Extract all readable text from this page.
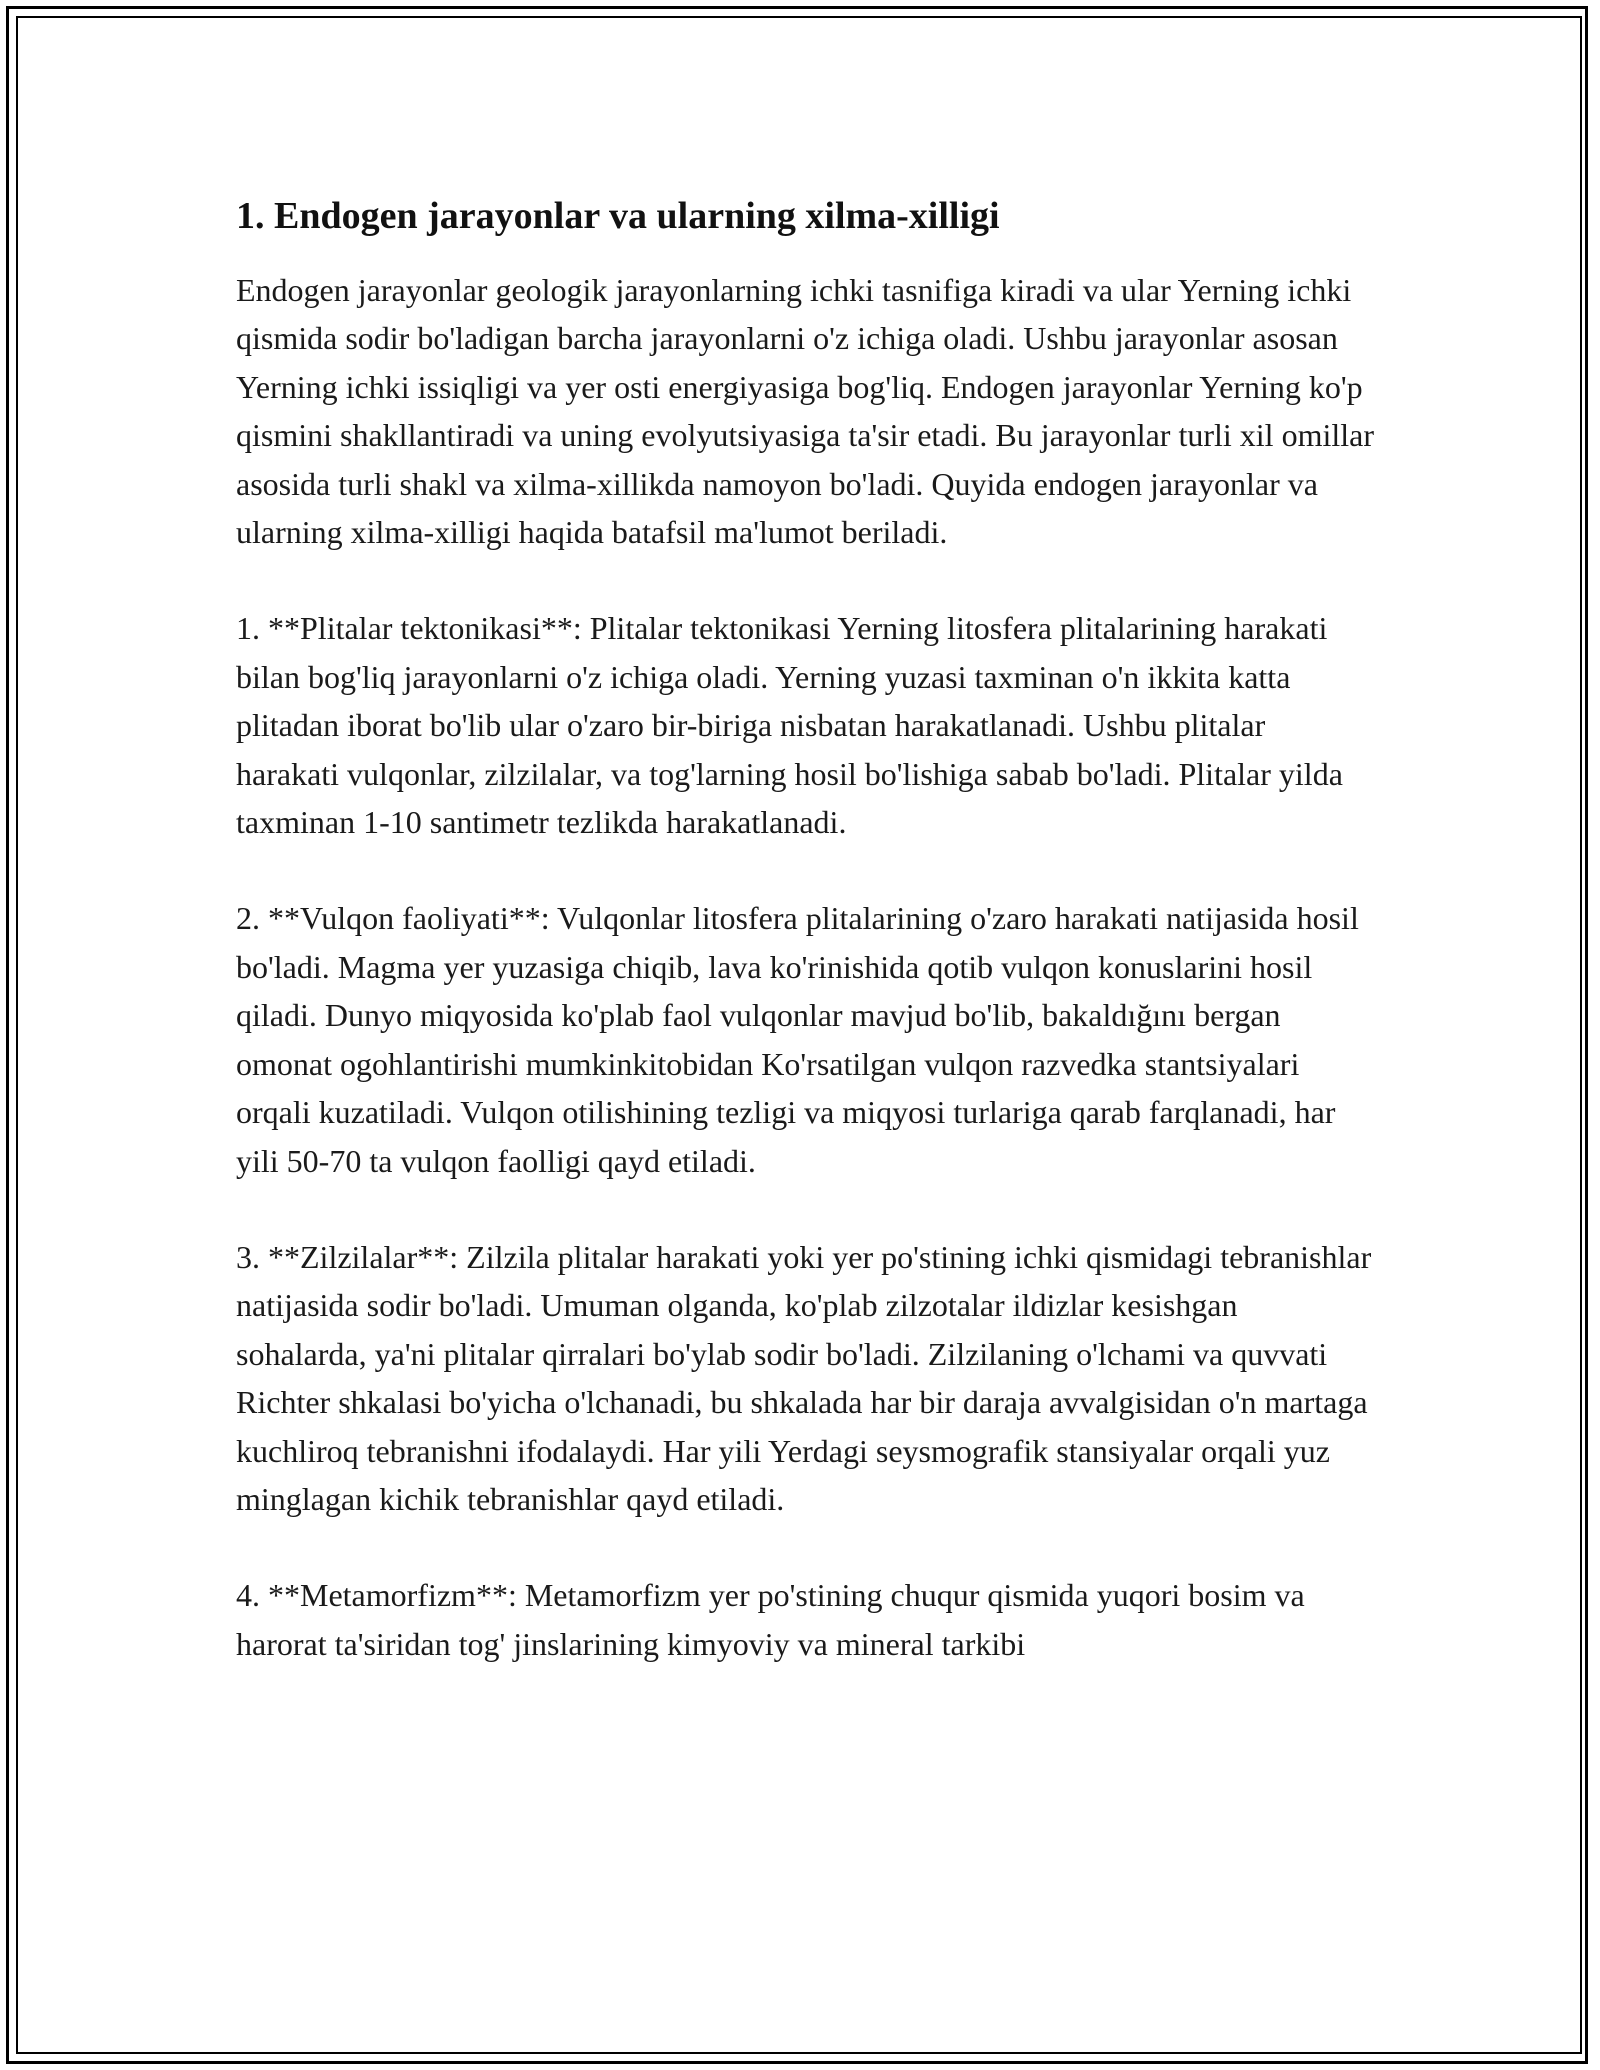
1. Endogen jarayonlar va ularning xilma-xilligi

Endogen jarayonlar geologik jarayonlarning ichki tasnifiga kiradi va ular Yerning ichki qismida sodir bo'ladigan barcha jarayonlarni o'z ichiga oladi. Ushbu jarayonlar asosan Yerning ichki issiqligi va yer osti energiyasiga bog'liq. Endogen jarayonlar Yerning ko'p qismini shakllantiradi va uning evolyutsiyasiga ta'sir etadi. Bu jarayonlar turli xil omillar asosida turli shakl va xilma-xillikda namoyon bo'ladi. Quyida endogen jarayonlar va ularning xilma-xilligi haqida batafsil ma'lumot beriladi.

1. **Plitalar tektonikasi**: Plitalar tektonikasi Yerning litosfera plitalarining harakati bilan bog'liq jarayonlarni o'z ichiga oladi. Yerning yuzasi taxminan o'n ikkita katta plitadan iborat bo'lib ular o'zaro bir-biriga nisbatan harakatlanadi. Ushbu plitalar harakati vulqonlar, zilzilalar, va tog'larning hosil bo'lishiga sabab bo'ladi. Plitalar yilda taxminan 1-10 santimetr tezlikda harakatlanadi.

2. **Vulqon faoliyati**: Vulqonlar litosfera plitalarining o'zaro harakati natijasida hosil bo'ladi. Magma yer yuzasiga chiqib, lava ko'rinishida qotib vulqon konuslarini hosil qiladi. Dunyo miqyosida ko'plab faol vulqonlar mavjud bo'lib, bakaldığını bergan omonat ogohlantirishi mumkinkitobidan Ko'rsatilgan vulqon razvedka stantsiyalari orqali kuzatiladi. Vulqon otilishining tezligi va miqyosi turlariga qarab farqlanadi, har yili 50-70 ta vulqon faolligi qayd etiladi.

3. **Zilzilalar**: Zilzila plitalar harakati yoki yer po'stining ichki qismidagi tebranishlar natijasida sodir bo'ladi. Umuman olganda, ko'plab zilzotalar ildizlar kesishgan sohalarda, ya'ni plitalar qirralari bo'ylab sodir bo'ladi. Zilzilaning o'lchami va quvvati Richter shkalasi bo'yicha o'lchanadi, bu shkalada har bir daraja avvalgisidan o'n martaga kuchliroq tebranishni ifodalaydi. Har yili Yerdagi seysmografik stansiyalar orqali yuz minglagan kichik tebranishlar qayd etiladi.

4. **Metamorfizm**: Metamorfizm yer po'stining chuqur qismida yuqori bosim va harorat ta'siridan tog' jinslarining kimyoviy va mineral tarkibi
